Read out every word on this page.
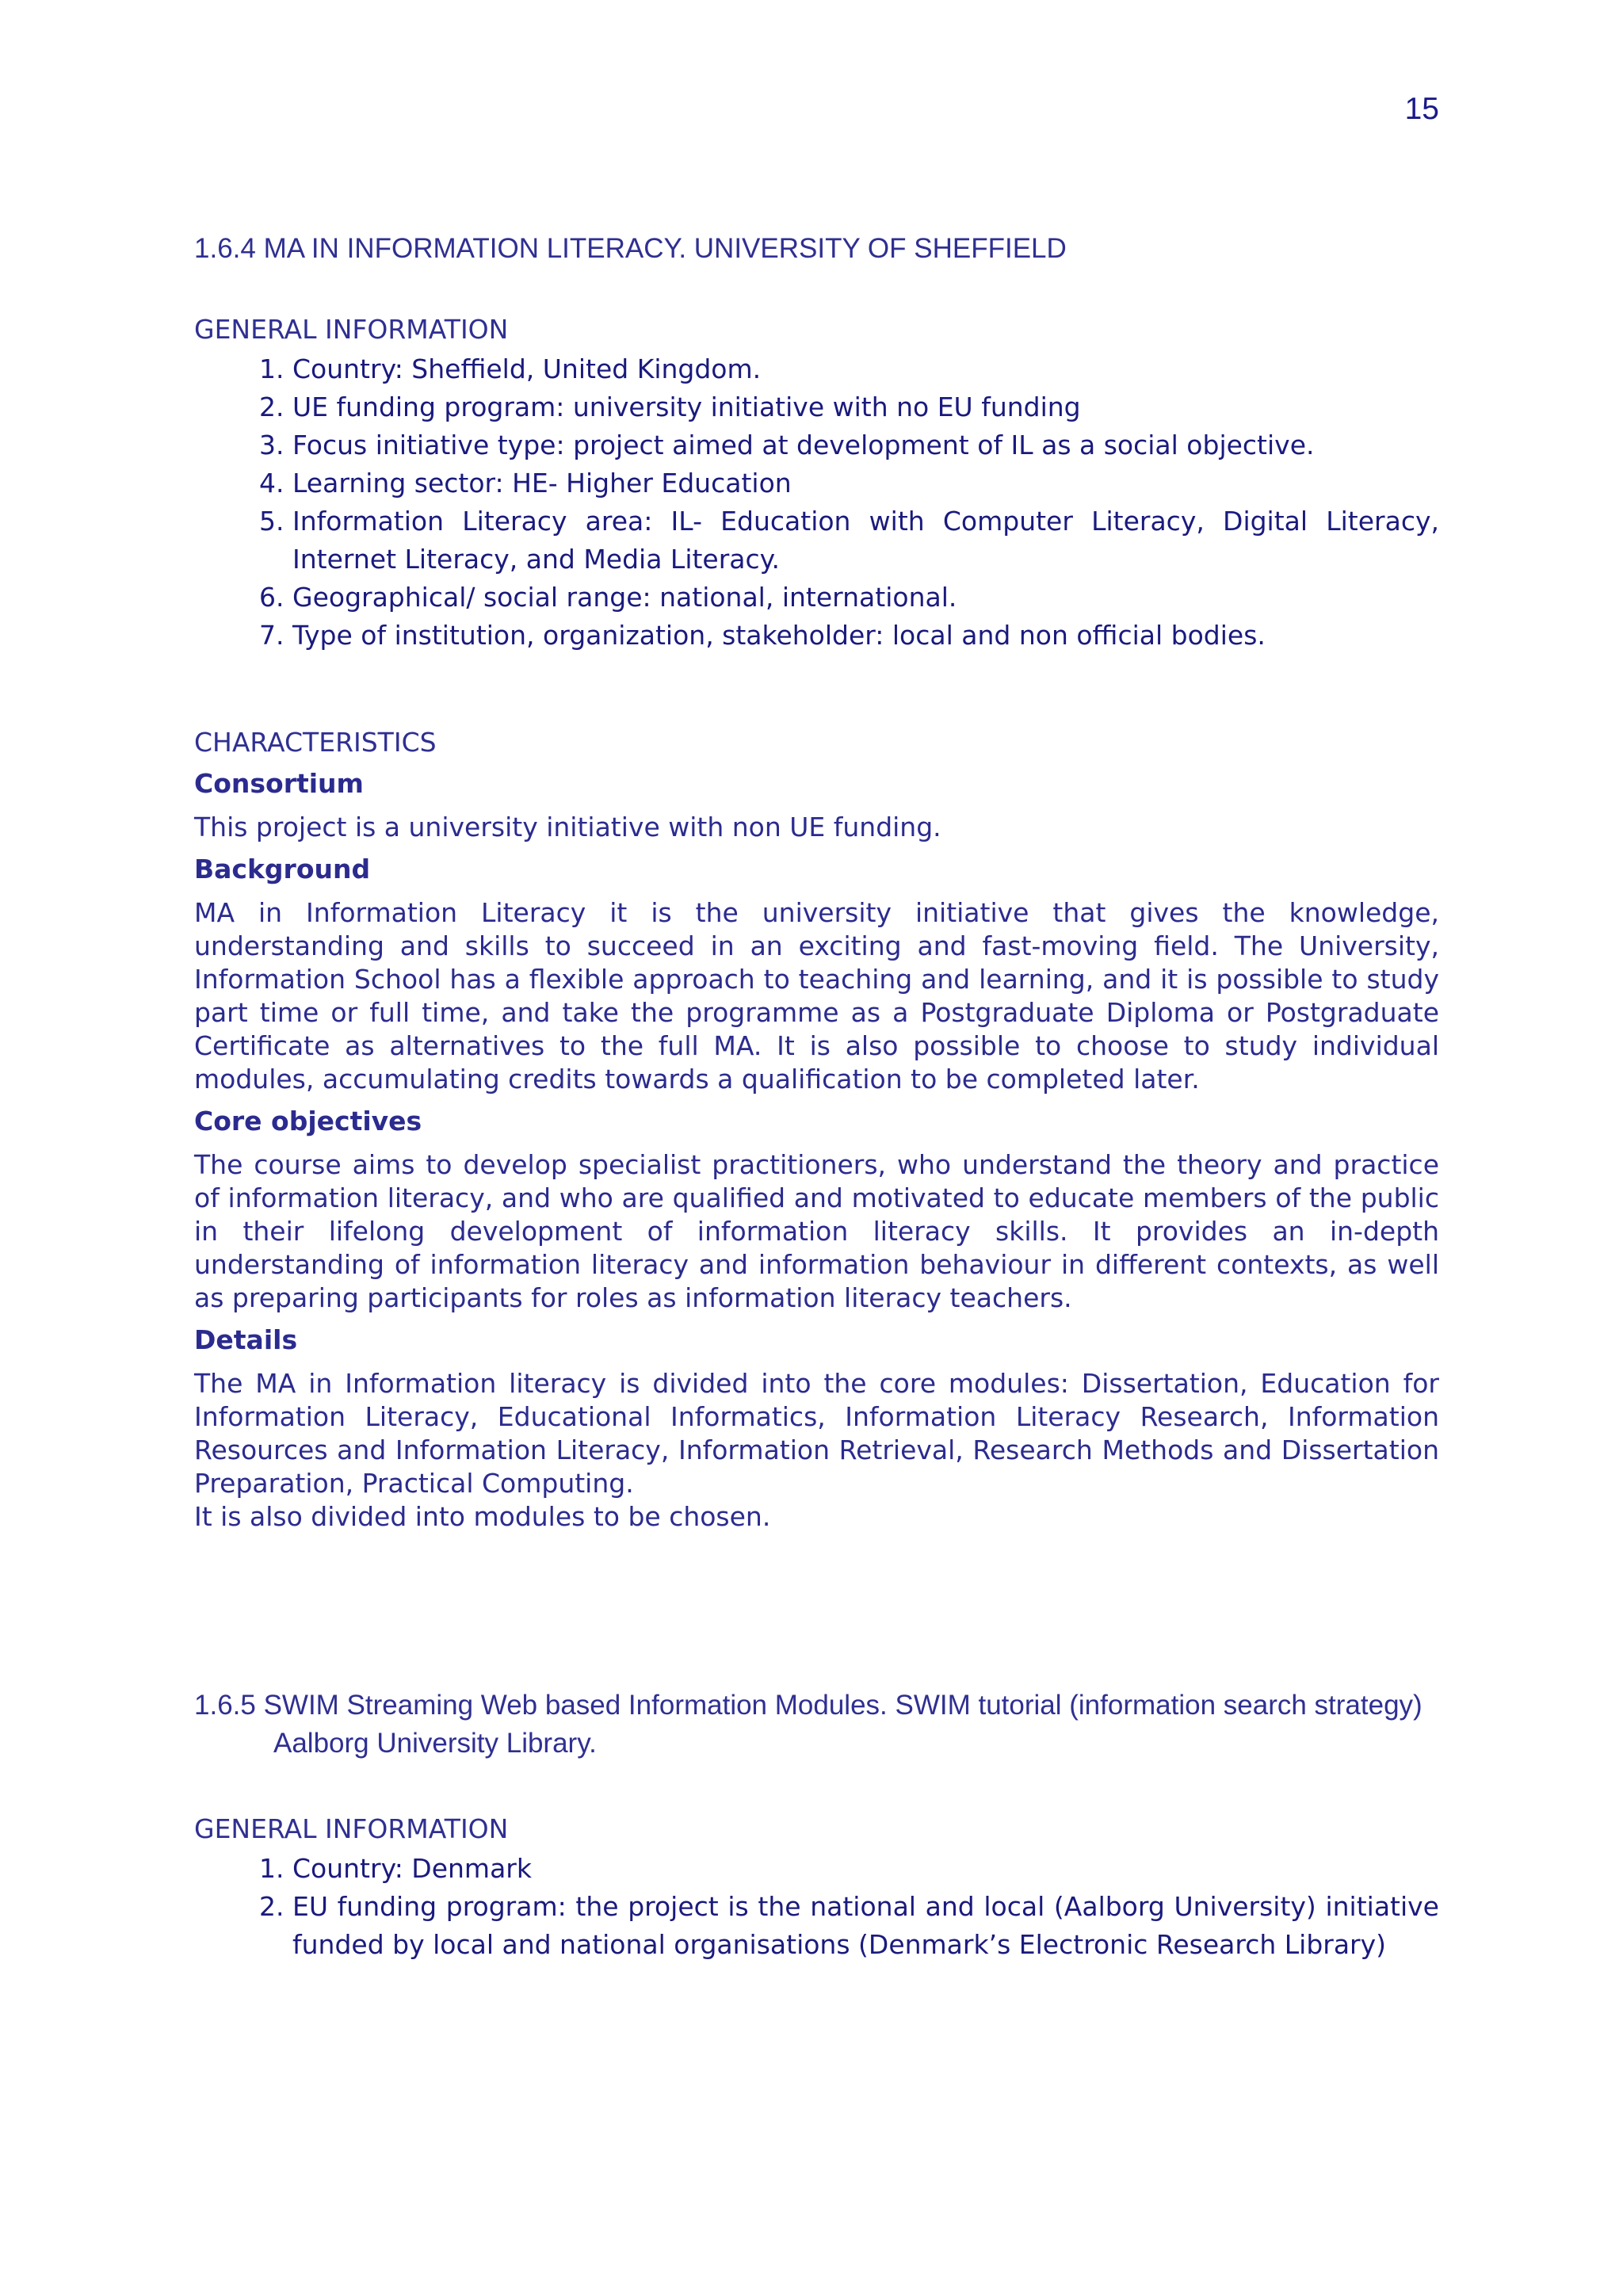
15
1.6.4 MA IN INFORMATION LITERACY. UNIVERSITY OF SHEFFIELD

GENERAL INFORMATION

1. Country: Sheffield, United Kingdom.
2. UE funding program: university initiative with no EU funding
3. Focus initiative type: project aimed at development of IL as a social objective.
4. Learning sector: HE- Higher Education
5. Information Literacy area: IL- Education with Computer Literacy, Digital Literacy, Internet Literacy, and Media Literacy.
6. Geographical/ social range: national, international.
7. Type of institution, organization, stakeholder: local and non official bodies.

CHARACTERISTICS

Consortium

This project is a university initiative with non UE funding.

Background

MA in Information Literacy it is the university initiative that gives the knowledge, understanding and skills to succeed in an exciting and fast-moving field. The University, Information School has a flexible approach to teaching and learning, and it is possible to study part time or full time, and take the programme as a Postgraduate Diploma or Postgraduate Certificate as alternatives to the full MA. It is also possible to choose to study individual modules, accumulating credits towards a qualification to be completed later.

Core objectives

The course aims to develop specialist practitioners, who understand the theory and practice of information literacy, and who are qualified and motivated to educate members of the public in their lifelong development of information literacy skills. It provides an in-depth understanding of information literacy and information behaviour in different contexts, as well as preparing participants for roles as information literacy teachers.

Details

The MA in Information literacy is divided into the core modules: Dissertation, Education for Information Literacy, Educational Informatics, Information Literacy Research, Information Resources and Information Literacy, Information Retrieval, Research Methods and Dissertation Preparation, Practical Computing.

It is also divided into modules to be chosen.

1.6.5 SWIM Streaming Web based Information Modules. SWIM tutorial (information search strategy) Aalborg University Library.

GENERAL INFORMATION

1. Country: Denmark
2. EU funding program: the project is the national and local (Aalborg University) initiative funded by local and national organisations (Denmark’s Electronic Research Library)
